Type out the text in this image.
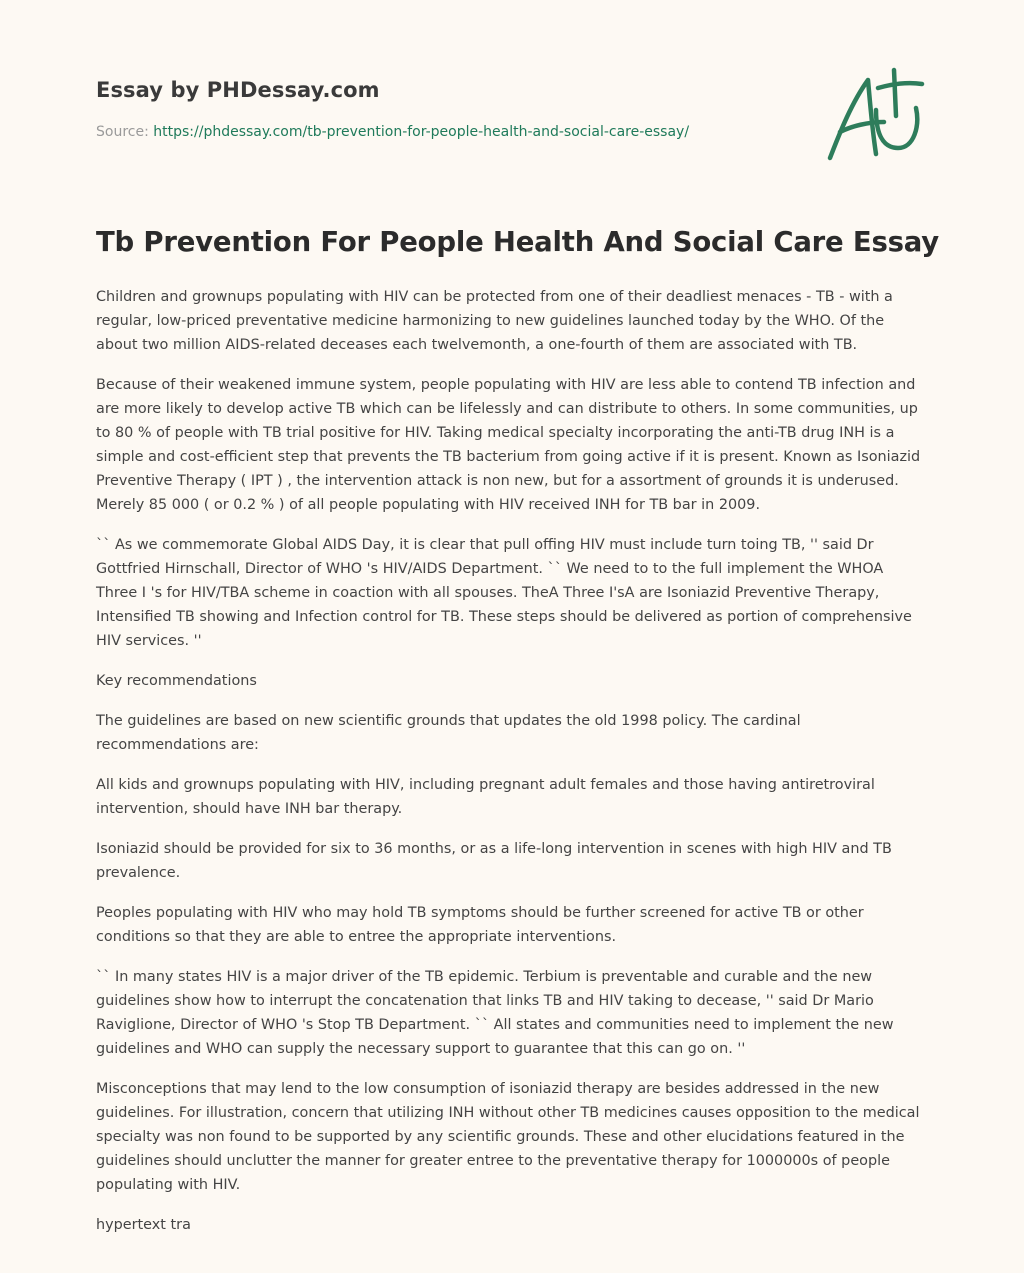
Essay by PHDessay.com
Source: https://phdessay.com/tb-prevention-for-people-health-and-social-care-essay/
Tb Prevention For People Health And Social Care Essay

Children and grownups populating with HIV can be protected from one of their deadliest menaces - TB - with a regular, low-priced preventative medicine harmonizing to new guidelines launched today by the WHO. Of the about two million AIDS-related deceases each twelvemonth, a one-fourth of them are associated with TB.

Because of their weakened immune system, people populating with HIV are less able to contend TB infection and are more likely to develop active TB which can be lifelessly and can distribute to others. In some communities, up to 80 % of people with TB trial positive for HIV. Taking medical specialty incorporating the anti-TB drug INH is a simple and cost-efficient step that prevents the TB bacterium from going active if it is present. Known as Isoniazid Preventive Therapy ( IPT ) , the intervention attack is non new, but for a assortment of grounds it is underused. Merely 85 000 ( or 0.2 % ) of all people populating with HIV received INH for TB bar in 2009.

`` As we commemorate Global AIDS Day, it is clear that pull offing HIV must include turn toing TB, '' said Dr Gottfried Hirnschall, Director of WHO 's HIV/AIDS Department. `` We need to to the full implement the WHOA Three I 's for HIV/TBA scheme in coaction with all spouses. TheA Three I'sA are Isoniazid Preventive Therapy, Intensified TB showing and Infection control for TB. These steps should be delivered as portion of comprehensive HIV services. ''

Key recommendations

The guidelines are based on new scientific grounds that updates the old 1998 policy. The cardinal recommendations are:

All kids and grownups populating with HIV, including pregnant adult females and those having antiretroviral intervention, should have INH bar therapy.

Isoniazid should be provided for six to 36 months, or as a life-long intervention in scenes with high HIV and TB prevalence.

Peoples populating with HIV who may hold TB symptoms should be further screened for active TB or other conditions so that they are able to entree the appropriate interventions.

`` In many states HIV is a major driver of the TB epidemic. Terbium is preventable and curable and the new guidelines show how to interrupt the concatenation that links TB and HIV taking to decease, '' said Dr Mario Raviglione, Director of WHO 's Stop TB Department. `` All states and communities need to implement the new guidelines and WHO can supply the necessary support to guarantee that this can go on. ''

Misconceptions that may lend to the low consumption of isoniazid therapy are besides addressed in the new guidelines. For illustration, concern that utilizing INH without other TB medicines causes opposition to the medical specialty was non found to be supported by any scientific grounds. These and other elucidations featured in the guidelines should unclutter the manner for greater entree to the preventative therapy for 1000000s of people populating with HIV.

hypertext tra
